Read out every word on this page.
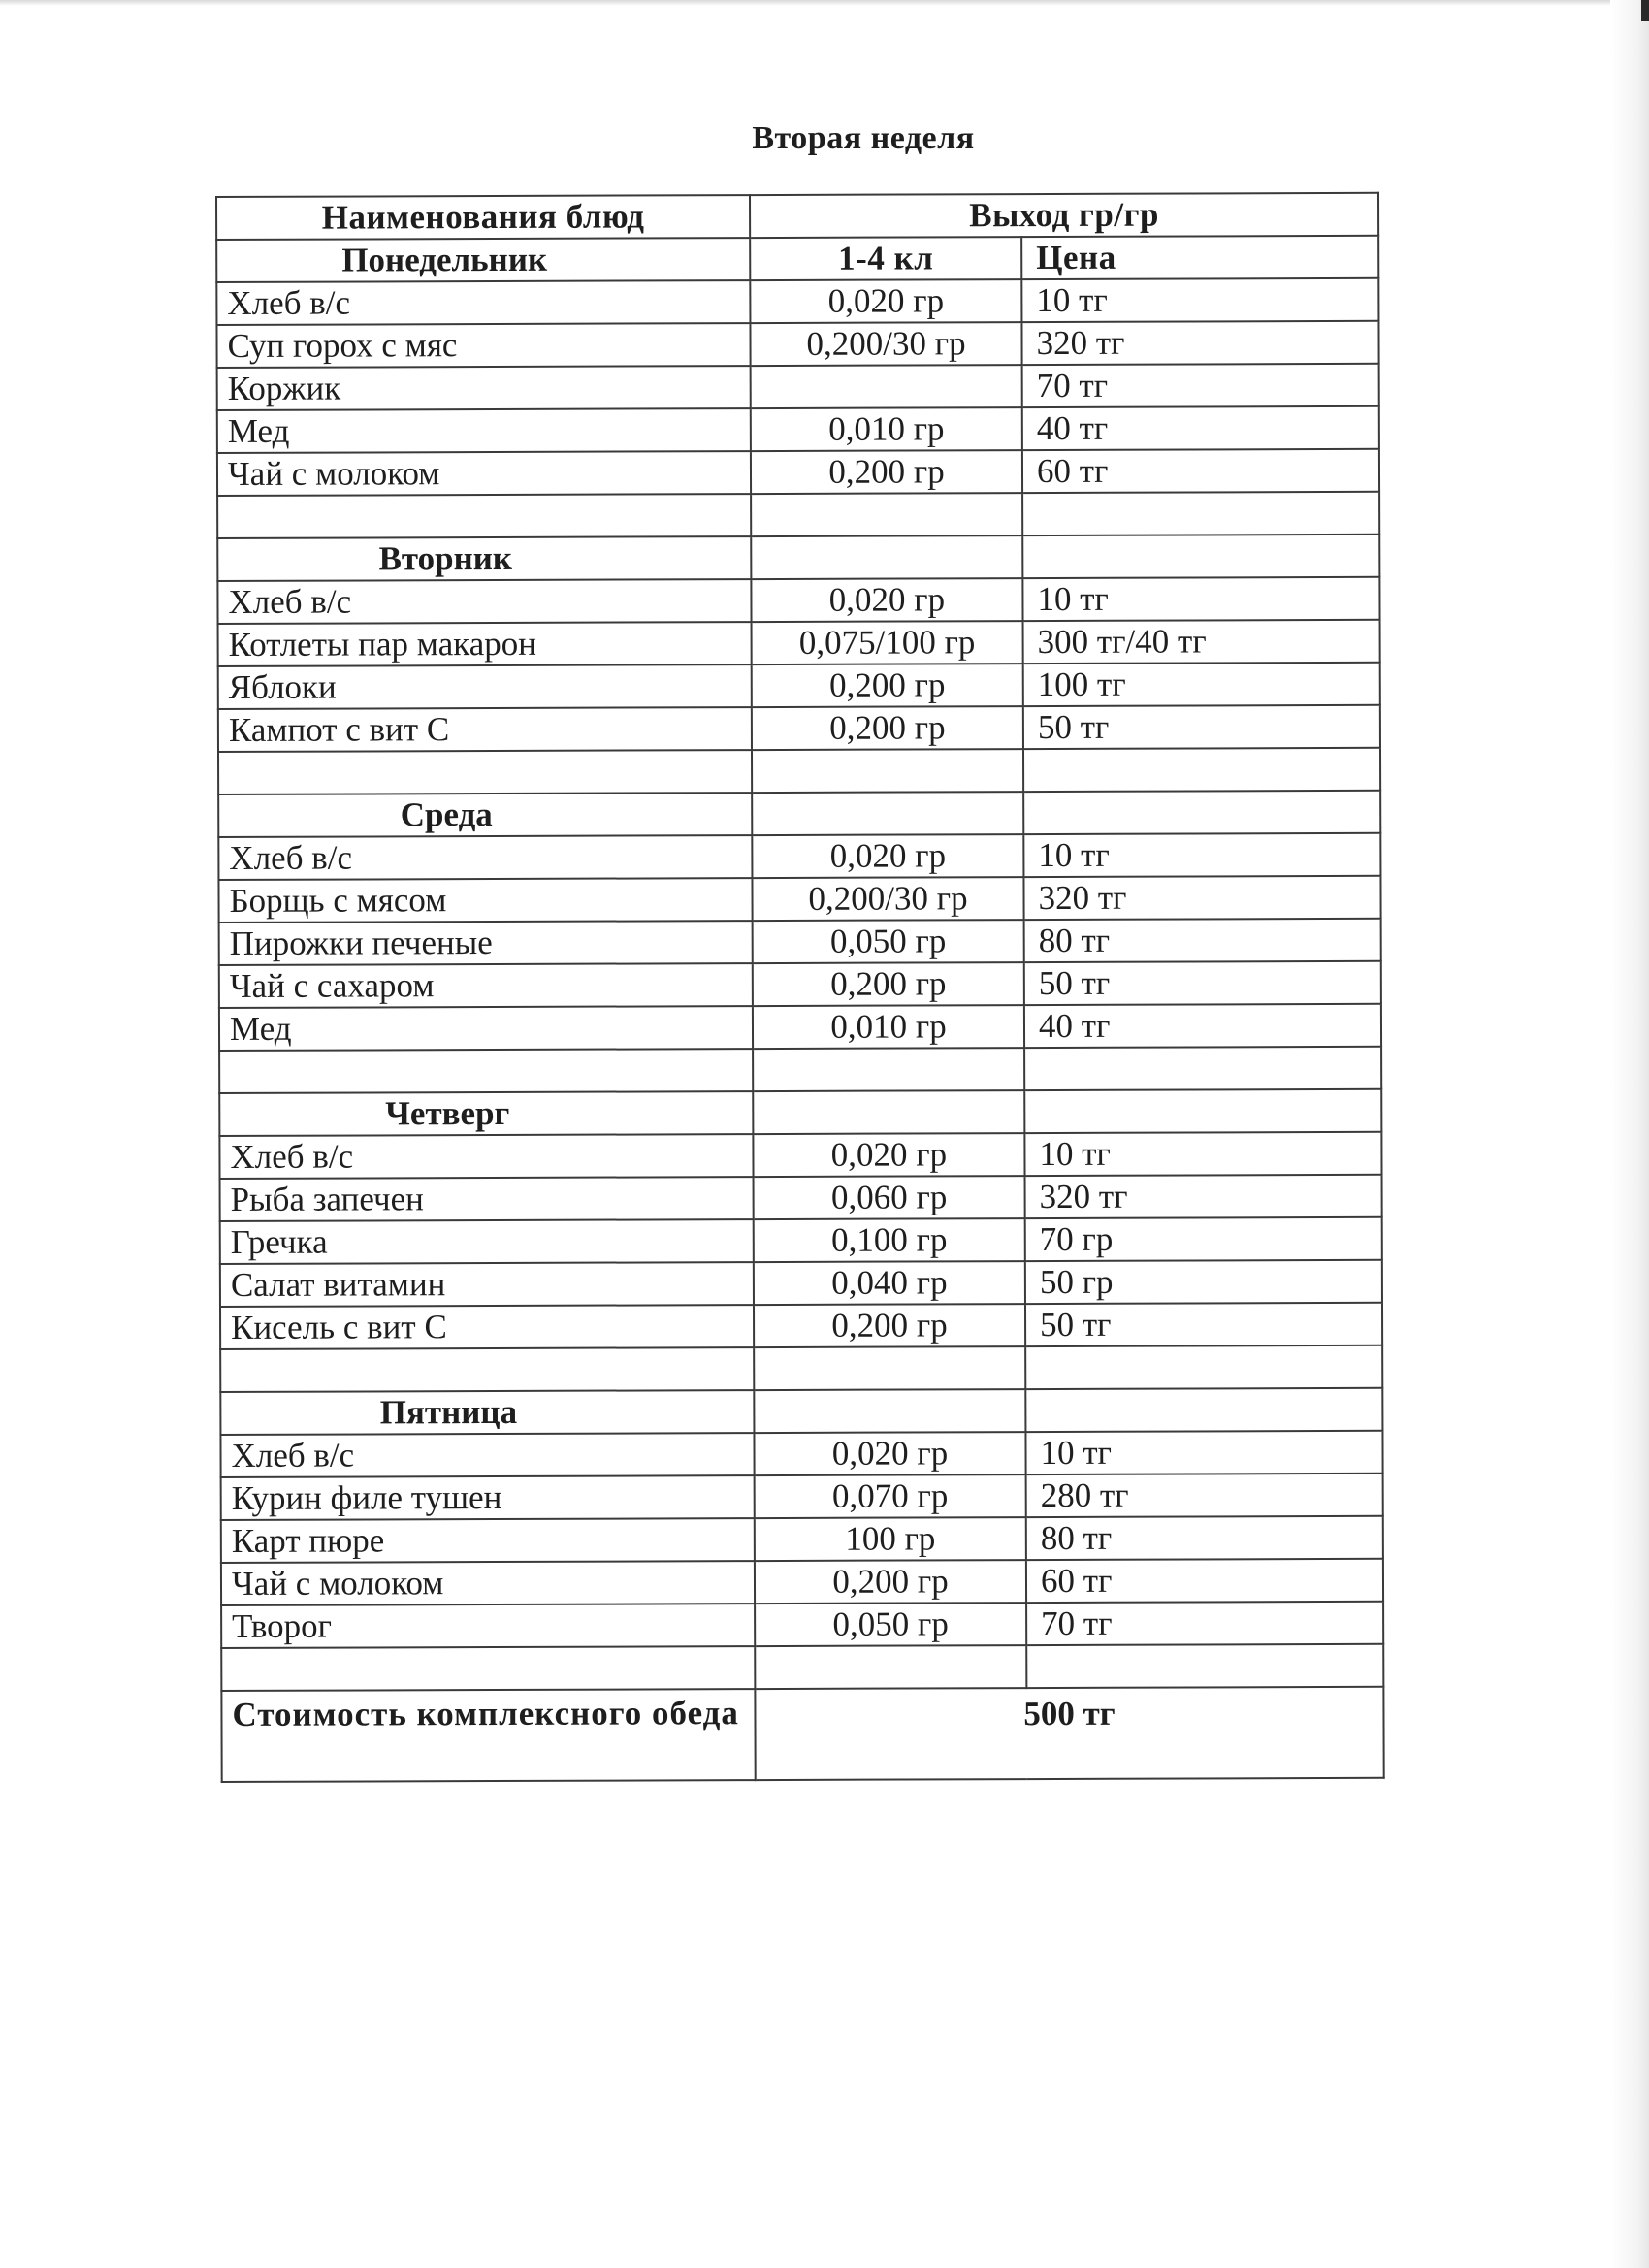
Вторая неделя
Наименования блюд	Выход гр/гр	
Понедельник	1-4 кл	Цена
Хлеб в/с	0,020 гр	10 тг
Суп горох с мяс	0,200/30 гр	320 тг
Коржик		70 тг
Мед	0,010 гр	40 тг
Чай с молоком	0,200 гр	60 тг

Вторник		
Хлеб в/с	0,020 гр	10 тг
Котлеты пар макарон	0,075/100 гр	300 тг/40 тг
Яблоки	0,200 гр	100 тг
Кампот с вит С	0,200 гр	50 тг

Среда		
Хлеб в/с	0,020 гр	10 тг
Борщь с мясом	0,200/30 гр	320 тг
Пирожки печеные	0,050 гр	80 тг
Чай с сахаром	0,200 гр	50 тг
Мед	0,010 гр	40 тг

Четверг		
Хлеб в/с	0,020 гр	10 тг
Рыба запечен	0,060 гр	320 тг
Гречка	0,100 гр	70 гр
Салат витамин	0,040 гр	50 гр
Кисель с вит С	0,200 гр	50 тг

Пятница		
Хлеб в/с	0,020 гр	10 тг
Курин филе тушен	0,070 гр	280 тг
Карт пюре	100 гр	80 тг
Чай с молоком	0,200 гр	60 тг
Творог	0,050 гр	70 тг

Стоимость комплексного обеда	500 тг	
